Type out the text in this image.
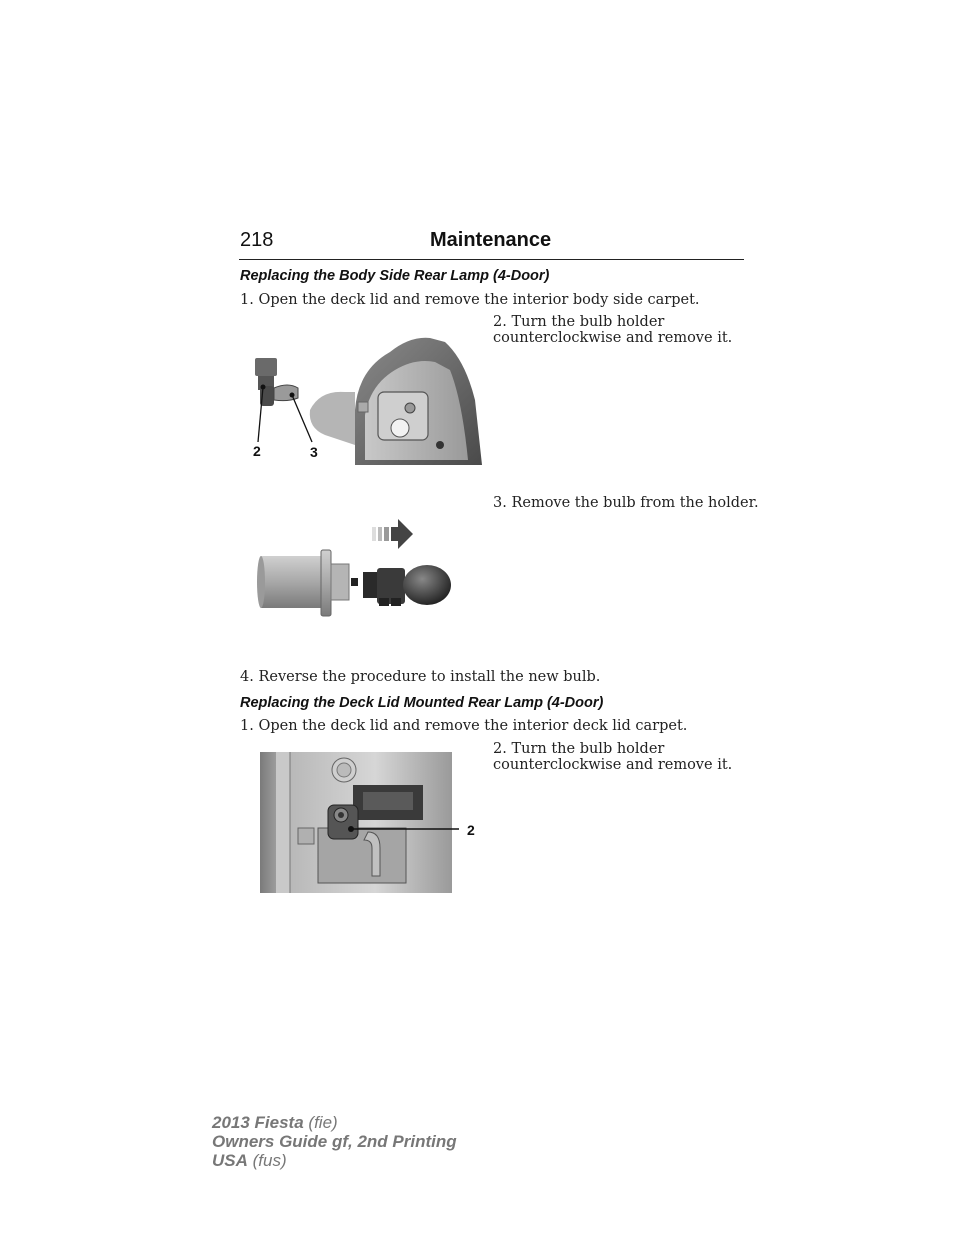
218	Maintenance
Replacing the Body Side Rear Lamp (4-Door)
1. Open the deck lid and remove the interior body side carpet.
2. Turn the bulb holder
counterclockwise and remove it.
2	3
3. Remove the bulb from the holder.
4. Reverse the procedure to install the new bulb.
Replacing the Deck Lid Mounted Rear Lamp (4-Door)
1. Open the deck lid and remove the interior deck lid carpet.
2. Turn the bulb holder
counterclockwise and remove it.
2
2013 Fiesta (fie)
Owners Guide gf, 2nd Printing
USA (fus)
